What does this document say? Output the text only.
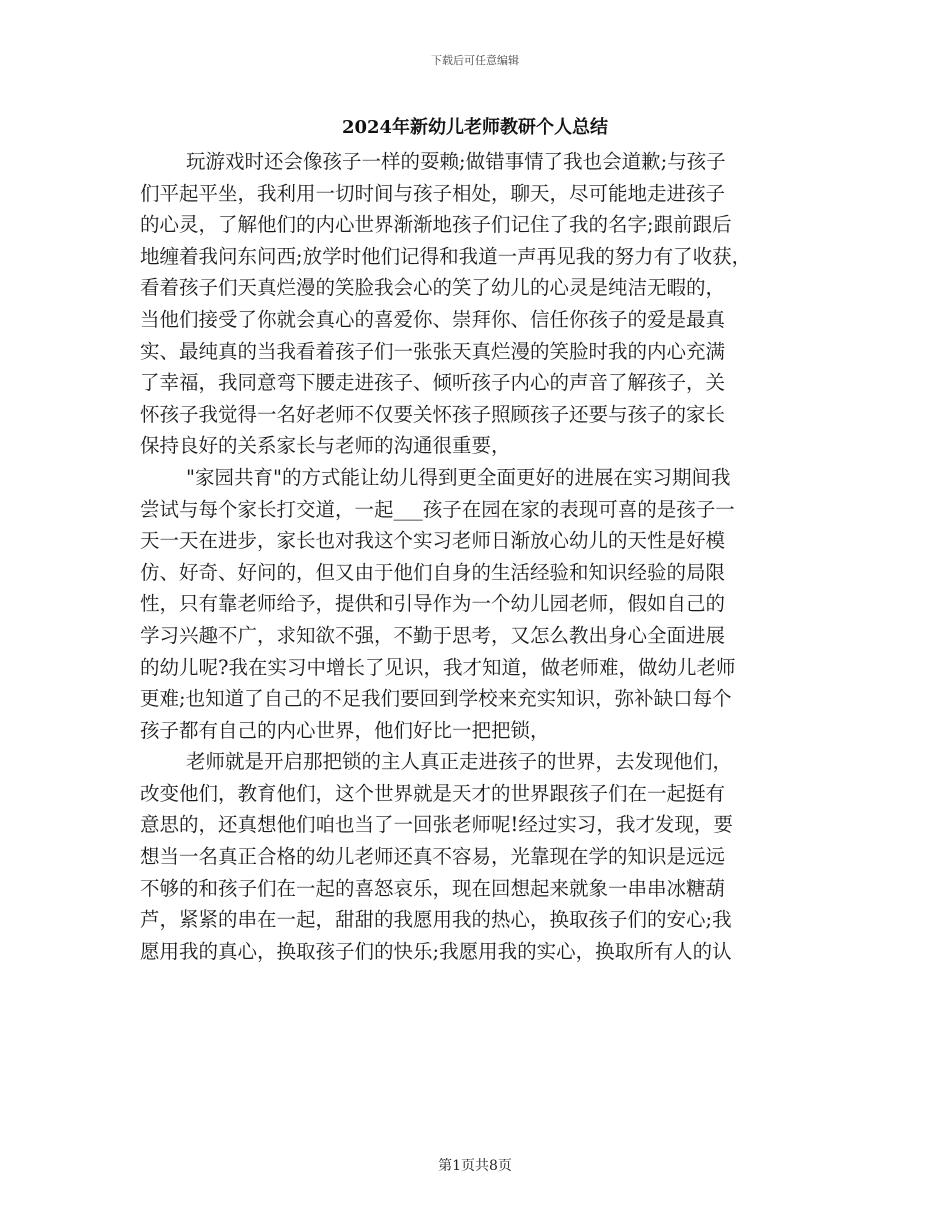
下载后可任意编辑
2024年新幼儿老师教研个人总结
玩游戏时还会像孩子一样的耍赖;做错事情了我也会道歉;与孩子
们平起平坐，我利用一切时间与孩子相处，聊天，尽可能地走进孩子
的心灵，了解他们的内心世界渐渐地孩子们记住了我的名字;跟前跟后
地缠着我问东问西;放学时他们记得和我道一声再见我的努力有了收获，
看着孩子们天真烂漫的笑脸我会心的笑了幼儿的心灵是纯洁无暇的，
当他们接受了你就会真心的喜爱你、崇拜你、信任你孩子的爱是最真
实、最纯真的当我看着孩子们一张张天真烂漫的笑脸时我的内心充满
了幸福，我同意弯下腰走进孩子、倾听孩子内心的声音了解孩子，关
怀孩子我觉得一名好老师不仅要关怀孩子照顾孩子还要与孩子的家长
保持良好的关系家长与老师的沟通很重要，
"家园共育"的方式能让幼儿得到更全面更好的进展在实习期间我
尝试与每个家长打交道，一起___孩子在园在家的表现可喜的是孩子一
天一天在进步，家长也对我这个实习老师日渐放心幼儿的天性是好模
仿、好奇、好问的，但又由于他们自身的生活经验和知识经验的局限
性，只有靠老师给予，提供和引导作为一个幼儿园老师，假如自己的
学习兴趣不广，求知欲不强，不勤于思考，又怎么教出身心全面进展
的幼儿呢?我在实习中增长了见识，我才知道，做老师难，做幼儿老师
更难;也知道了自己的不足我们要回到学校来充实知识，弥补缺口每个
孩子都有自己的内心世界，他们好比一把把锁，
老师就是开启那把锁的主人真正走进孩子的世界，去发现他们，
改变他们，教育他们，这个世界就是天才的世界跟孩子们在一起挺有
意思的，还真想他们咱也当了一回张老师呢!经过实习，我才发现，要
想当一名真正合格的幼儿老师还真不容易，光靠现在学的知识是远远
不够的和孩子们在一起的喜怒哀乐，现在回想起来就象一串串冰糖葫
芦，紧紧的串在一起，甜甜的我愿用我的热心，换取孩子们的安心;我
愿用我的真心，换取孩子们的快乐;我愿用我的实心，换取所有人的认
第1页共8页
